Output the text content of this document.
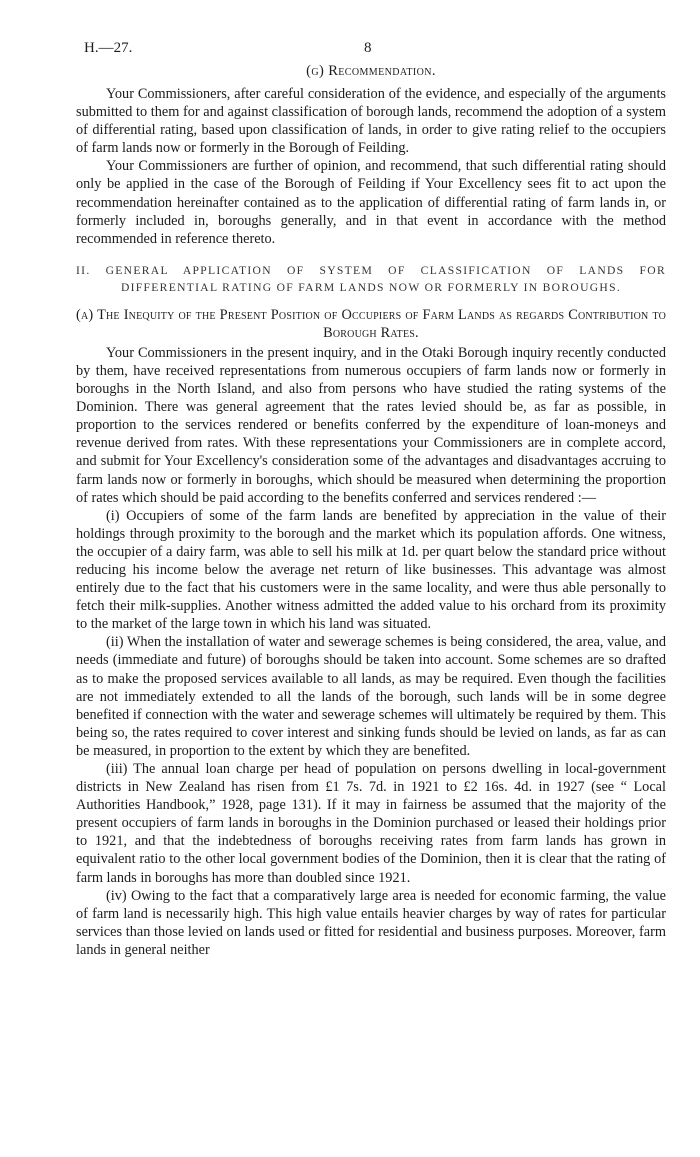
H.—27.	8
(g) Recommendation.

Your Commissioners, after careful consideration of the evidence, and especially of the arguments submitted to them for and against classification of borough lands, recommend the adoption of a system of differential rating, based upon classification of lands, in order to give rating relief to the occupiers of farm lands now or formerly in the Borough of Feilding.

Your Commissioners are further of opinion, and recommend, that such differential rating should only be applied in the case of the Borough of Feilding if Your Excellency sees fit to act upon the recommendation hereinafter contained as to the application of differential rating of farm lands in, or formerly included in, boroughs generally, and in that event in accordance with the method recommended in reference thereto.

II. GENERAL APPLICATION OF SYSTEM OF CLASSIFICATION OF LANDS FOR DIFFERENTIAL RATING OF FARM LANDS NOW OR FORMERLY IN BOROUGHS.
(a) The Inequity of the Present Position of Occupiers of Farm Lands as regards Contribution to Borough Rates.

Your Commissioners in the present inquiry, and in the Otaki Borough inquiry recently conducted by them, have received representations from numerous occupiers of farm lands now or formerly in boroughs in the North Island, and also from persons who have studied the rating systems of the Dominion. There was general agreement that the rates levied should be, as far as possible, in proportion to the services rendered or benefits conferred by the expenditure of loan-moneys and revenue derived from rates. With these representations your Commissioners are in complete accord, and submit for Your Excellency's consideration some of the advantages and disadvantages accruing to farm lands now or formerly in boroughs, which should be measured when determining the proportion of rates which should be paid according to the benefits conferred and services rendered :—

(i) Occupiers of some of the farm lands are benefited by appreciation in the value of their holdings through proximity to the borough and the market which its population affords. One witness, the occupier of a dairy farm, was able to sell his milk at 1d. per quart below the standard price without reducing his income below the average net return of like businesses. This advantage was almost entirely due to the fact that his customers were in the same locality, and were thus able personally to fetch their milk-supplies. Another witness admitted the added value to his orchard from its proximity to the market of the large town in which his land was situated.

(ii) When the installation of water and sewerage schemes is being considered, the area, value, and needs (immediate and future) of boroughs should be taken into account. Some schemes are so drafted as to make the proposed services available to all lands, as may be required. Even though the facilities are not immediately extended to all the lands of the borough, such lands will be in some degree benefited if connection with the water and sewerage schemes will ultimately be required by them. This being so, the rates required to cover interest and sinking funds should be levied on lands, as far as can be measured, in proportion to the extent by which they are benefited.

(iii) The annual loan charge per head of population on persons dwelling in local-government districts in New Zealand has risen from £1 7s. 7d. in 1921 to £2 16s. 4d. in 1927 (see “ Local Authorities Handbook,” 1928, page 131). If it may in fairness be assumed that the majority of the present occupiers of farm lands in boroughs in the Dominion purchased or leased their holdings prior to 1921, and that the indebtedness of boroughs receiving rates from farm lands has grown in equivalent ratio to the other local government bodies of the Dominion, then it is clear that the rating of farm lands in boroughs has more than doubled since 1921.

(iv) Owing to the fact that a comparatively large area is needed for economic farming, the value of farm land is necessarily high. This high value entails heavier charges by way of rates for particular services than those levied on lands used or fitted for residential and business purposes. Moreover, farm lands in general neither
